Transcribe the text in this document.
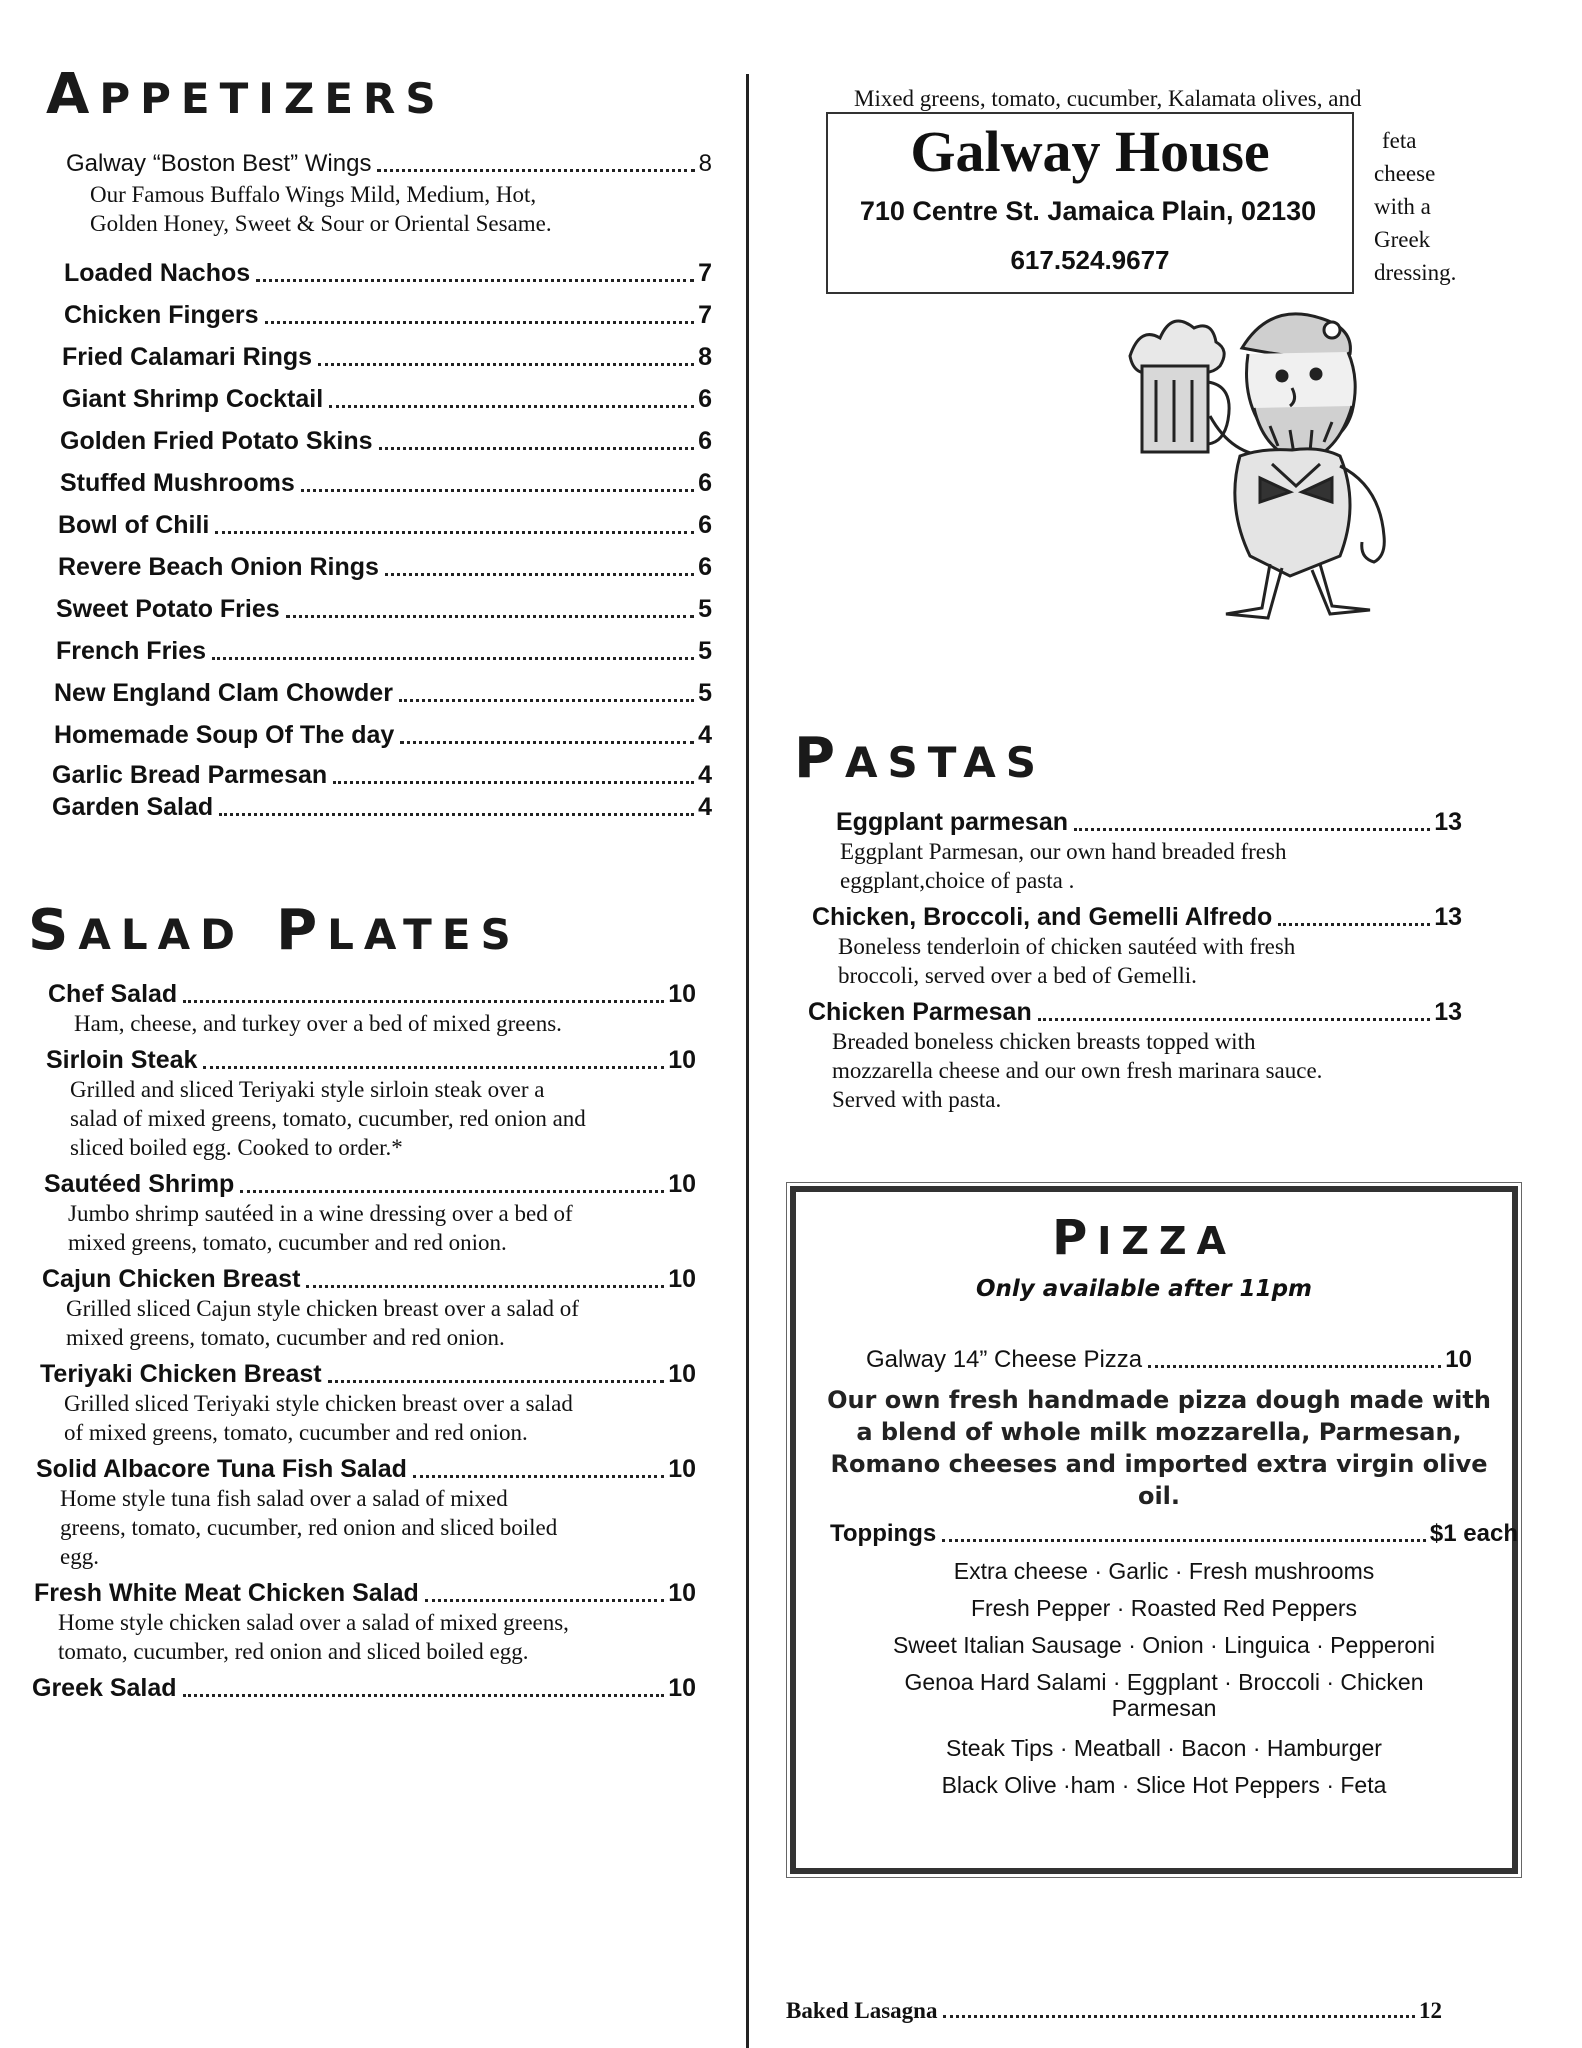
APPETIZERS
Galway “Boston Best” Wings	8
Our Famous Buffalo Wings Mild, Medium, Hot,
Golden Honey, Sweet & Sour or Oriental Sesame.
Loaded Nachos	7
Chicken Fingers	7
Fried Calamari Rings	8
Giant Shrimp Cocktail	6
Golden Fried Potato Skins	6
Stuffed Mushrooms	6
Bowl of Chili	6
Revere Beach Onion Rings	6
Sweet Potato Fries	5
French Fries	5
New England Clam Chowder	5
Homemade Soup Of The day	4
Garlic Bread Parmesan	4
Garden Salad	4
SALAD PLATES
Chef Salad	10
Ham, cheese, and turkey over a bed of mixed greens.
Sirloin Steak	10
Grilled and sliced Teriyaki style sirloin steak over a
salad of mixed greens, tomato, cucumber, red onion and
sliced boiled egg. Cooked to order.*
Sautéed Shrimp	10
Jumbo shrimp sautéed in a wine dressing over a bed of
mixed greens, tomato, cucumber and red onion.
Cajun Chicken Breast	10
Grilled sliced Cajun style chicken breast over a salad of
mixed greens, tomato, cucumber and red onion.
Teriyaki Chicken Breast	10
Grilled sliced Teriyaki style chicken breast over a salad
of mixed greens, tomato, cucumber and red onion.
Solid Albacore Tuna Fish Salad	10
Home style tuna fish salad over a salad of mixed
greens, tomato, cucumber, red onion and sliced boiled
egg.
Fresh White Meat Chicken Salad	10
Home style chicken salad over a salad of mixed greens,
tomato, cucumber, red onion and sliced boiled egg.
Greek Salad	10
Mixed greens, tomato, cucumber, Kalamata olives, and
feta
cheese
with a
Greek
dressing.
Galway House
710 Centre St. Jamaica Plain, 02130
617.524.9677
PASTAS
Eggplant parmesan	13
Eggplant Parmesan, our own hand breaded fresh
eggplant,choice of pasta .
Chicken, Broccoli, and Gemelli Alfredo	13
Boneless tenderloin of chicken sautéed with fresh
broccoli, served over a bed of Gemelli.
Chicken Parmesan	13
Breaded boneless chicken breasts topped with
mozzarella cheese and our own fresh marinara sauce.
Served with pasta.
PIZZA
Only available after 11pm
Galway 14” Cheese Pizza	10
Our own fresh handmade pizza dough made with
a blend of whole milk mozzarella, Parmesan,
Romano cheeses and imported extra virgin olive
oil.
Toppings	$1 each
Extra cheese · Garlic · Fresh mushrooms
Fresh Pepper · Roasted Red Peppers
Sweet Italian Sausage · Onion · Linguica · Pepperoni
Genoa Hard Salami · Eggplant · Broccoli · Chicken
Parmesan
Steak Tips · Meatball · Bacon · Hamburger
Black Olive ·ham · Slice Hot Peppers · Feta
Baked Lasagna	12
